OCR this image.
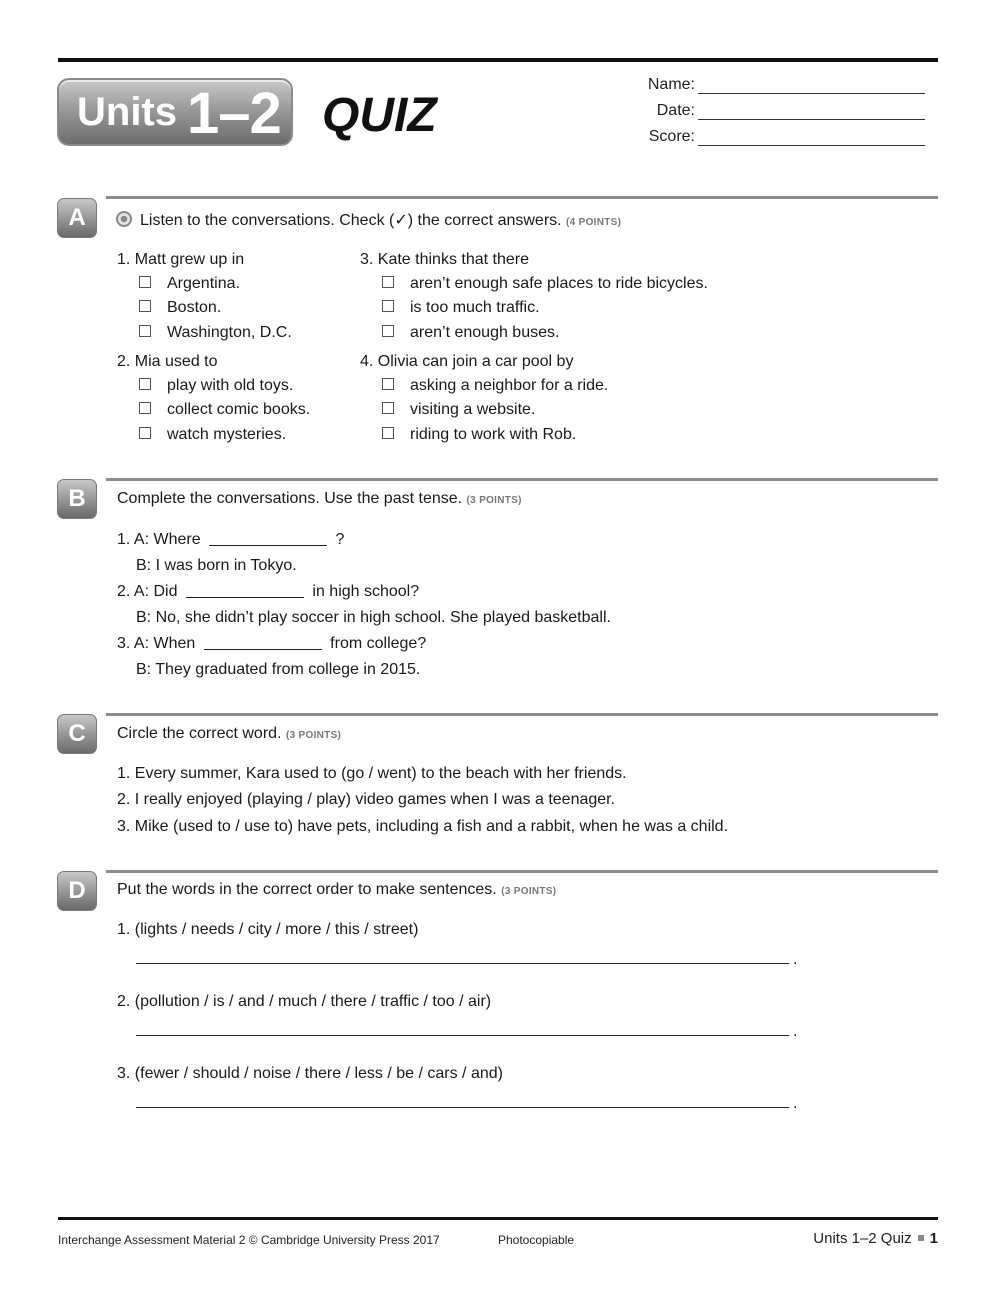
Units 1–2 QUIZ
Name:
Date:
Score:
A	Listen to the conversations. Check (✓) the correct answers. (4 POINTS)
1. Matt grew up in
Argentina.
Boston.
Washington, D.C.
2. Mia used to
play with old toys.
collect comic books.
watch mysteries.
3. Kate thinks that there
aren’t enough safe places to ride bicycles.
is too much traffic.
aren’t enough buses.
4. Olivia can join a car pool by
asking a neighbor for a ride.
visiting a website.
riding to work with Rob.
B	Complete the conversations. Use the past tense. (3 POINTS)
1. A: Where	?
B: I was born in Tokyo.
2. A: Did	in high school?
B: No, she didn’t play soccer in high school. She played basketball.
3. A: When	from college?
B: They graduated from college in 2015.
C	Circle the correct word. (3 POINTS)
1. Every summer, Kara used to (go / went) to the beach with her friends.
2. I really enjoyed (playing / play) video games when I was a teenager.
3. Mike (used to / use to) have pets, including a fish and a rabbit, when he was a child.
D	Put the words in the correct order to make sentences. (3 POINTS)
1. (lights / needs / city / more / this / street)
.
2. (pollution / is / and / much / there / traffic / too / air)
.
3. (fewer / should / noise / there / less / be / cars / and)
.
Interchange Assessment Material 2 © Cambridge University Press 2017	Photocopiable	Units 1–2 Quiz 1
